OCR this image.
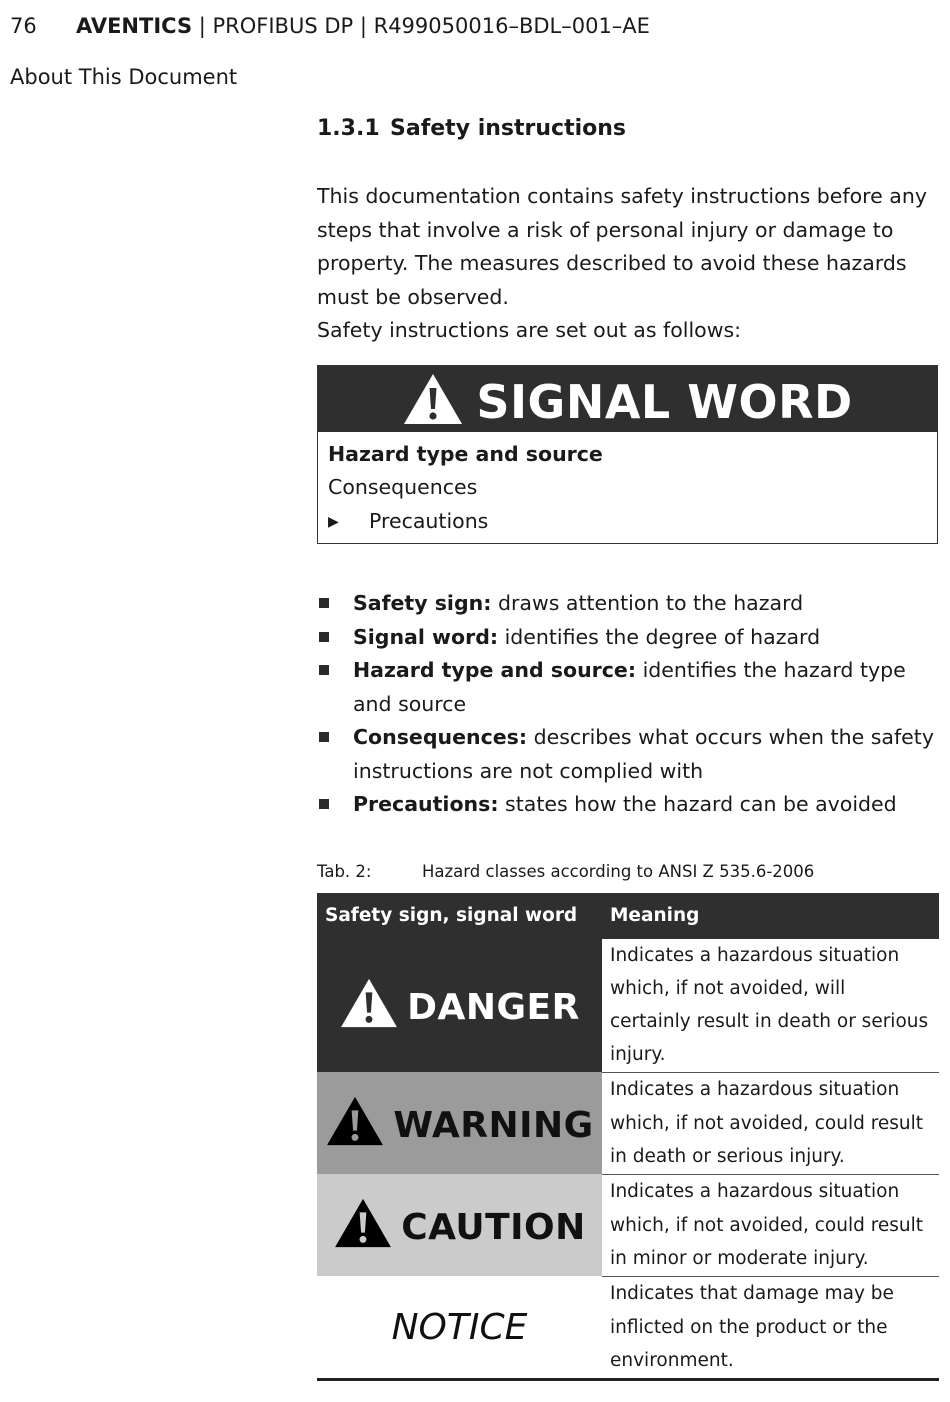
76 AVENTICS | PROFIBUS DP | R499050016–BDL–001–AE
About This Document
1.3.1 Safety instructions

This documentation contains safety instructions before any steps that involve a risk of personal injury or damage to property. The measures described to avoid these hazards must be observed.

Safety instructions are set out as follows:

SIGNAL WORD
Hazard type and source
Consequences
▶ Precautions
Safety sign: draws attention to the hazard
Signal word: identifies the degree of hazard
Hazard type and source: identifies the hazard type and source
Consequences: describes what occurs when the safety instructions are not complied with
Precautions: states how the hazard can be avoided
Tab. 2:	Hazard classes according to ANSI Z 535.6-2006
Safety sign, signal word	Meaning

DANGER	Indicates a hazardous situation which, if not avoided, will certainly result in death or serious injury.

WARNING	Indicates a hazardous situation which, if not avoided, could result in death or serious injury.

CAUTION	Indicates a hazardous situation which, if not avoided, could result in minor or moderate injury.
NOTICE	Indicates that damage may be inflicted on the product or the environment.
